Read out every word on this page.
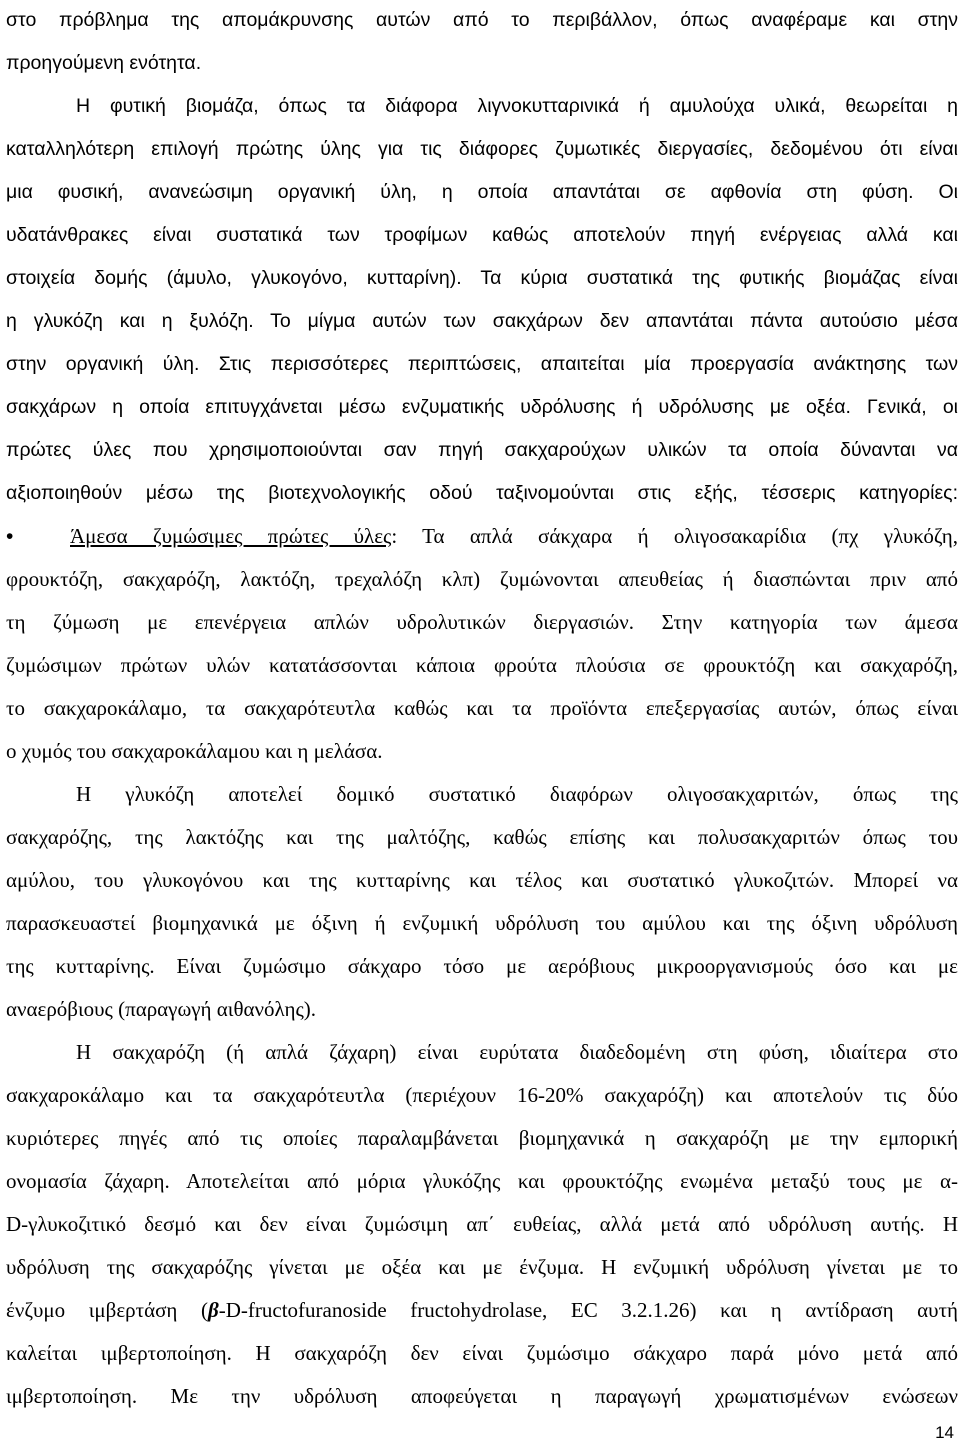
στο πρόβλημα της απομάκρυνσης αυτών από το περιβάλλον, όπως αναφέραμε και στην
προηγούμενη ενότητα.
Η φυτική βιομάζα, όπως τα διάφορα λιγνοκυτταρινικά ή αμυλούχα υλικά, θεωρείται η
καταλληλότερη επιλογή πρώτης ύλης για τις διάφορες ζυμωτικές διεργασίες, δεδομένου ότι είναι
μια φυσική, ανανεώσιμη οργανική ύλη, η οποία απαντάται σε αφθονία στη φύση. Οι
υδατάνθρακες είναι συστατικά των τροφίμων καθώς αποτελούν πηγή ενέργειας αλλά και
στοιχεία δομής (άμυλο, γλυκογόνο, κυτταρίνη). Τα κύρια συστατικά της φυτικής βιομάζας είναι
η γλυκόζη και η ξυλόζη. Το μίγμα αυτών των σακχάρων δεν απαντάται πάντα αυτούσιο μέσα
στην οργανική ύλη. Στις περισσότερες περιπτώσεις, απαιτείται μία προεργασία ανάκτησης των
σακχάρων η οποία επιτυγχάνεται μέσω ενζυματικής υδρόλυσης ή υδρόλυσης με οξέα. Γενικά, οι
πρώτες ύλες που χρησιμοποιούνται σαν πηγή σακχαρούχων υλικών τα οποία δύνανται να
αξιοποιηθούν μέσω της βιοτεχνολογικής οδού ταξινομούνται στις εξής, τέσσερις κατηγορίες:
•	Άμεσα ζυμώσιμες πρώτες ύλες: Τα απλά σάκχαρα ή ολιγοσακαρίδια (πχ γλυκόζη,
φρουκτόζη, σακχαρόζη, λακτόζη, τρεχαλόζη κλπ) ζυμώνονται απευθείας ή διασπώνται πριν από
τη ζύμωση με επενέργεια απλών υδρολυτικών διεργασιών. Στην κατηγορία των άμεσα
ζυμώσιμων πρώτων υλών κατατάσσονται κάποια φρούτα πλούσια σε φρουκτόζη και σακχαρόζη,
το σακχαροκάλαμο, τα σακχαρότευτλα καθώς και τα προϊόντα επεξεργασίας αυτών, όπως είναι
ο χυμός του σακχαροκάλαμου και η μελάσα.
Η γλυκόζη αποτελεί δομικό συστατικό διαφόρων ολιγοσακχαριτών, όπως της
σακχαρόζης, της λακτόζης και της μαλτόζης, καθώς επίσης και πολυσακχαριτών όπως του
αμύλου, του γλυκογόνου και της κυτταρίνης και τέλος και συστατικό γλυκοζιτών. Μπορεί να
παρασκευαστεί βιομηχανικά με όξινη ή ενζυμική υδρόλυση του αμύλου και της όξινη υδρόλυση
της κυτταρίνης. Είναι ζυμώσιμο σάκχαρο τόσο με αερόβιους μικροοργανισμούς όσο και με
αναερόβιους (παραγωγή αιθανόλης).
Η σακχαρόζη (ή απλά ζάχαρη) είναι ευρύτατα διαδεδομένη στη φύση, ιδιαίτερα στο
σακχαροκάλαμο και τα σακχαρότευτλα (περιέχουν 16-20% σακχαρόζη) και αποτελούν τις δύο
κυριότερες πηγές από τις οποίες παραλαμβάνεται βιομηχανικά η σακχαρόζη με την εμπορική
ονομασία ζάχαρη. Αποτελείται από μόρια γλυκόζης και φρουκτόζης ενωμένα μεταξύ τους με α-
D-γλυκοζιτικό δεσμό και δεν είναι ζυμώσιμη απ΄ ευθείας, αλλά μετά από υδρόλυση αυτής. Η
υδρόλυση της σακχαρόζης γίνεται με οξέα και με ένζυμα. Η ενζυμική υδρόλυση γίνεται με το
ένζυμο ιμβερτάση (β-D-fructofuranoside fructohydrolase, EC 3.2.1.26) και η αντίδραση αυτή
καλείται ιμβερτοποίηση. Η σακχαρόζη δεν είναι ζυμώσιμο σάκχαρο παρά μόνο μετά από
ιμβερτοποίηση. Με την υδρόλυση αποφεύγεται η παραγωγή χρωματισμένων ενώσεων
14
